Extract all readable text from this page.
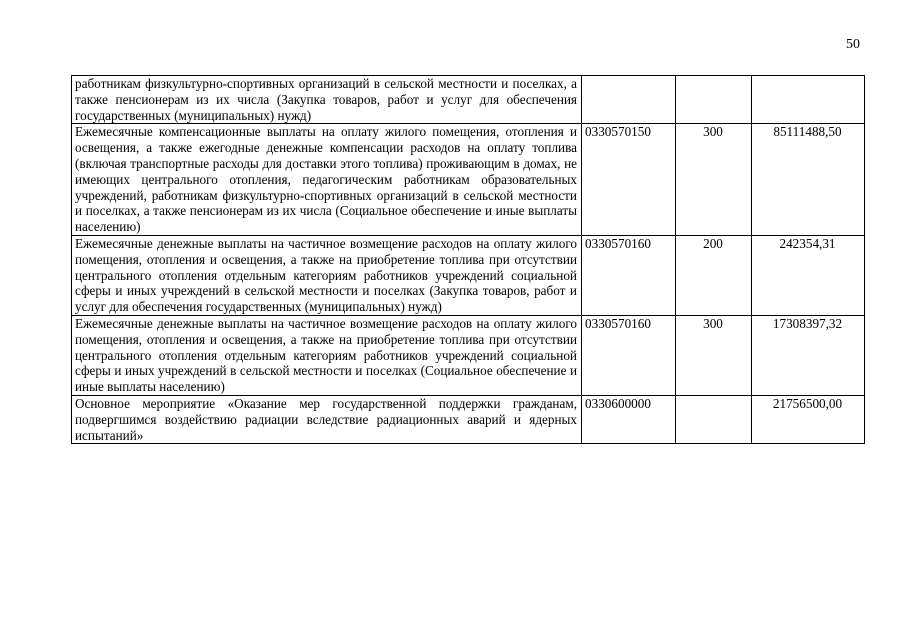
50
работникам физкультурно-спортивных организаций в сельской местности и поселках, а также пенсионерам из их числа (Закупка товаров, работ и услуг для обеспечения государственных (муниципальных) нужд)			
Ежемесячные компенсационные выплаты на оплату жилого помещения, отопления и освещения, а также ежегодные денежные компенсации расходов на оплату топлива (включая транспортные расходы для доставки этого топлива) проживающим в домах, не имеющих центрального отопления, педагогическим работникам образовательных учреждений, работникам физкультурно-спортивных организаций в сельской местности и поселках, а также пенсионерам из их числа (Социальное обеспечение и иные выплаты населению)	0330570150	300	85111488,50
Ежемесячные денежные выплаты на частичное возмещение расходов на оплату жилого помещения, отопления и освещения, а также на приобретение топлива при отсутствии центрального отопления отдельным категориям работников учреждений социальной сферы и иных учреждений в сельской местности и поселках (Закупка товаров, работ и услуг для обеспечения государственных (муниципальных) нужд)	0330570160	200	242354,31
Ежемесячные денежные выплаты на частичное возмещение расходов на оплату жилого помещения, отопления и освещения, а также на приобретение топлива при отсутствии центрального отопления отдельным категориям работников учреждений социальной сферы и иных учреждений в сельской местности и поселках (Социальное обеспечение и иные выплаты населению)	0330570160	300	17308397,32
Основное мероприятие «Оказание мер государственной поддержки гражданам, подвергшимся воздействию радиации вследствие радиационных аварий и ядерных испытаний»	0330600000		21756500,00
